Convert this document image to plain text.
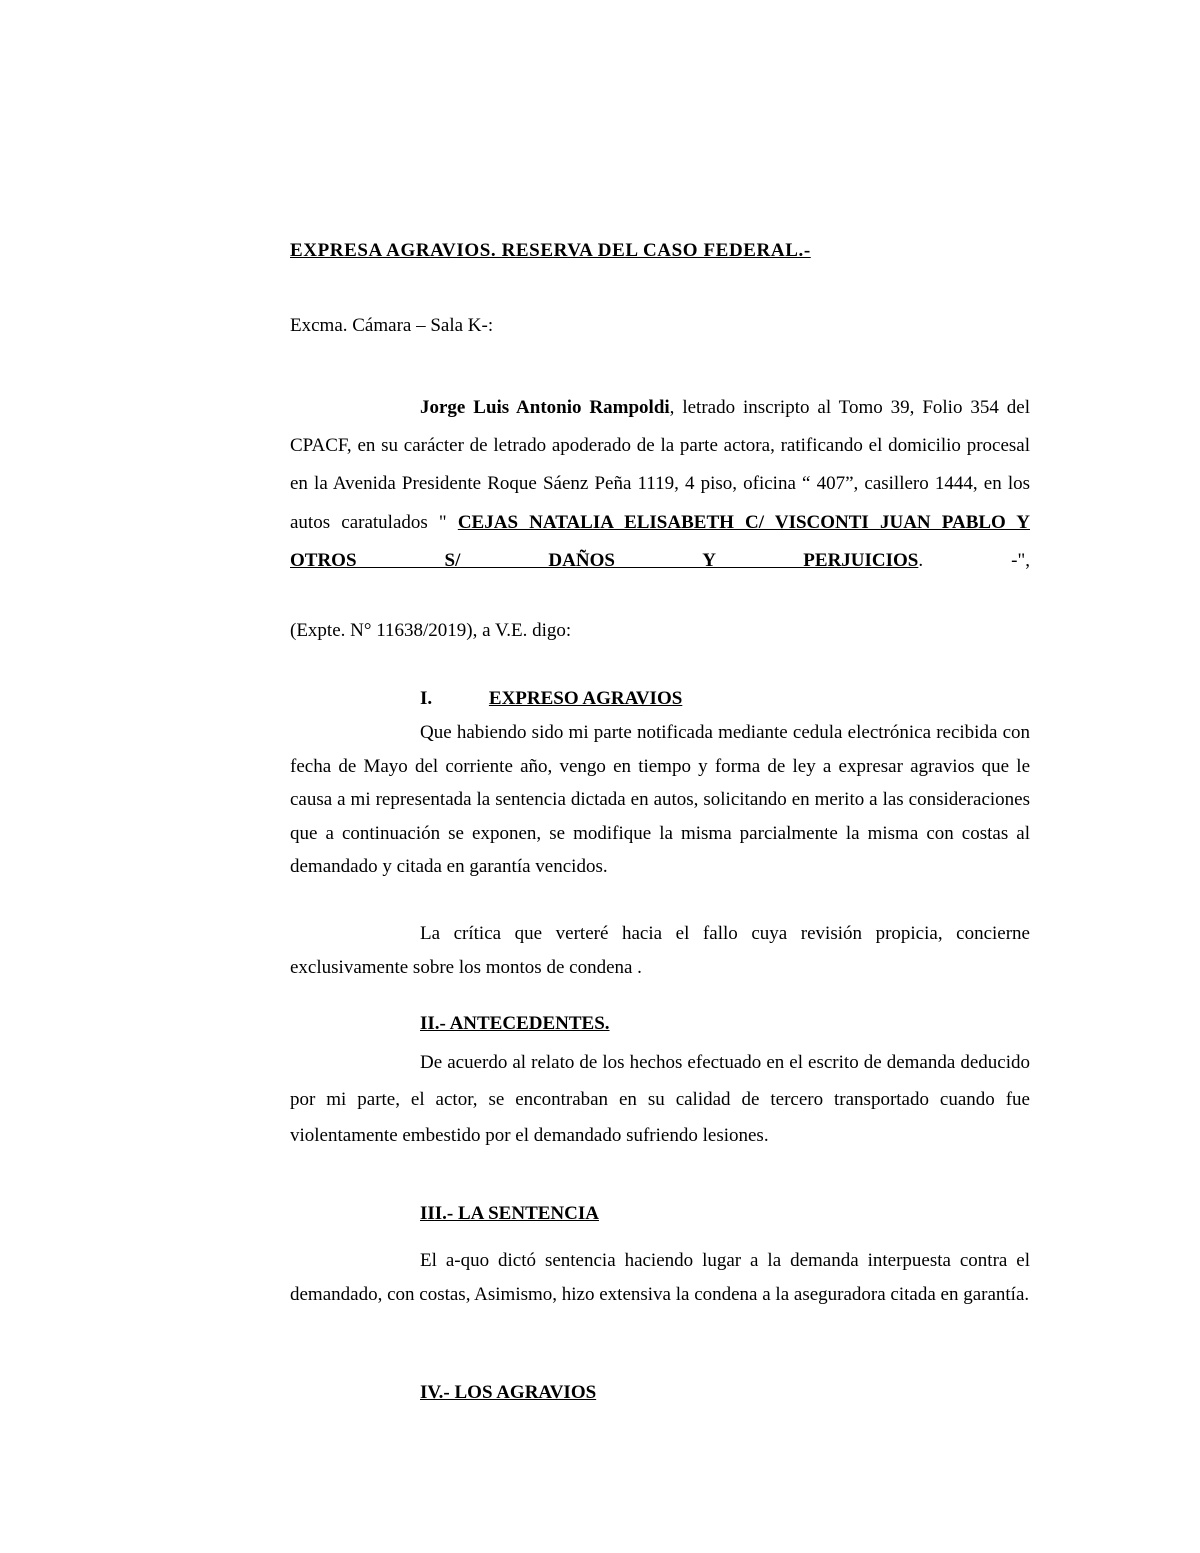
EXPRESA AGRAVIOS. RESERVA DEL CASO FEDERAL.-

Excma. Cámara – Sala K-:

Jorge Luis Antonio Rampoldi, letrado inscripto al Tomo 39, Folio 354 del CPACF, en su carácter de letrado apoderado de la parte actora, ratificando el domicilio procesal en la Avenida Presidente Roque Sáenz Peña 1119, 4 piso, oficina “ 407”, casillero 1444, en los autos caratulados " CEJAS NATALIA ELISABETH C/ VISCONTI JUAN PABLO Y OTROS S/ DAÑOS Y PERJUICIOS. -",

(Expte. N° 11638/2019), a V.E. digo:

I.	EXPRESO AGRAVIOS

Que habiendo sido mi parte notificada mediante cedula electrónica recibida con fecha de Mayo del corriente año, vengo en tiempo y forma de ley a expresar agravios que le causa a mi representada la sentencia dictada en autos, solicitando en merito a las consideraciones que a continuación se exponen, se modifique la misma parcialmente la misma con costas al demandado y citada en garantía vencidos.

La crítica que verteré hacia el fallo cuya revisión propicia, concierne exclusivamente sobre los montos de condena .

II.- ANTECEDENTES.

De acuerdo al relato de los hechos efectuado en el escrito de demanda deducido por mi parte, el actor, se encontraban en su calidad de tercero transportado cuando fue violentamente embestido por el demandado sufriendo lesiones.

III.- LA SENTENCIA

El a-quo dictó sentencia haciendo lugar a la demanda interpuesta contra el demandado, con costas, Asimismo, hizo extensiva la condena a la aseguradora citada en garantía.

IV.- LOS AGRAVIOS
